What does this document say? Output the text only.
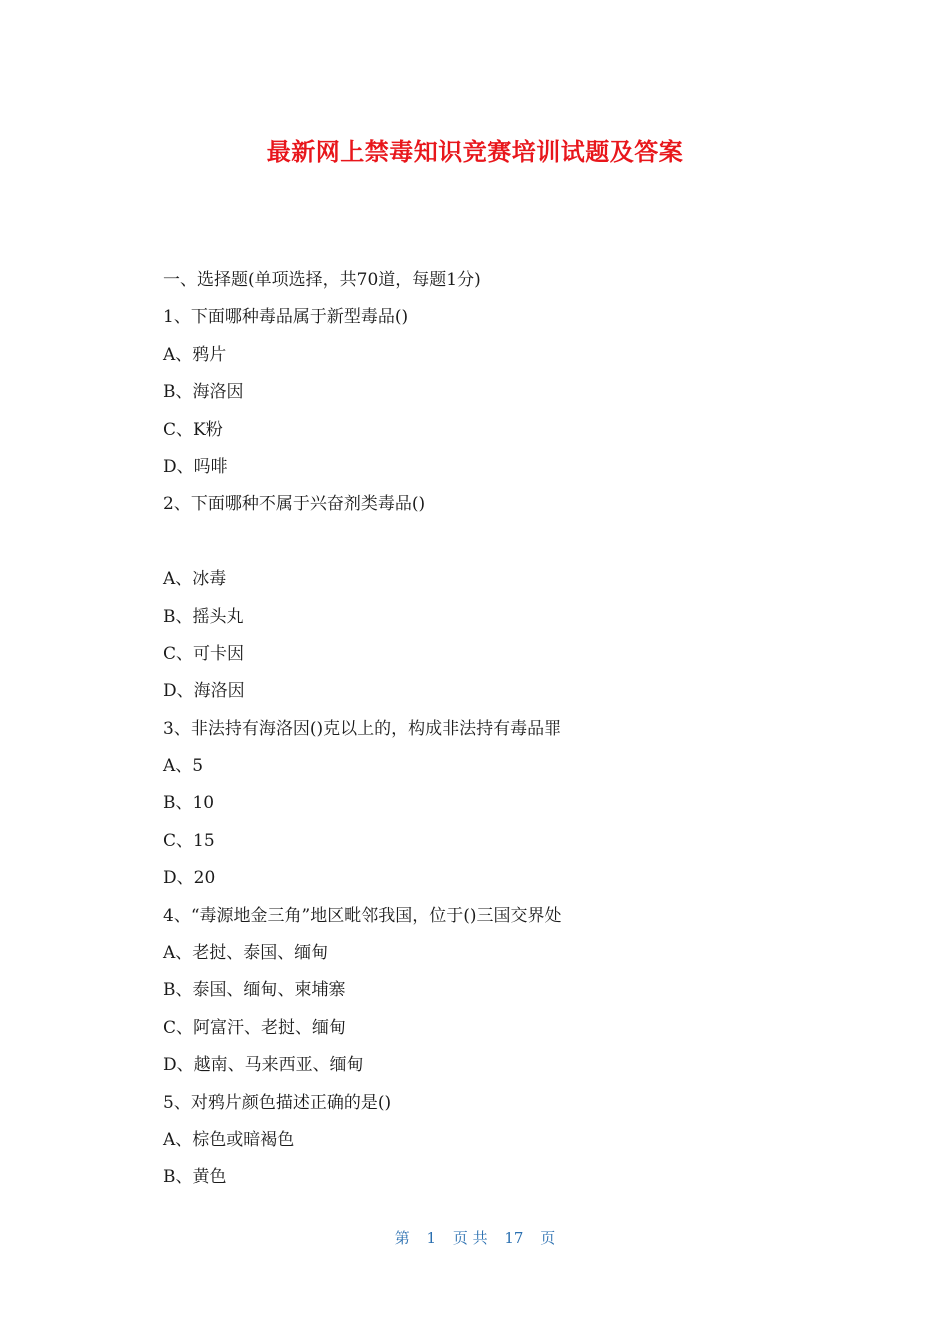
最新网上禁毒知识竞赛培训试题及答案
一、选择题(单项选择，共70道，每题1分)
1、下面哪种毒品属于新型毒品()
A、鸦片
B、海洛因
C、K粉
D、吗啡
2、下面哪种不属于兴奋剂类毒品()
A、冰毒
B、摇头丸
C、可卡因
D、海洛因
3、非法持有海洛因()克以上的，构成非法持有毒品罪
A、5
B、10
C、15
D、20
4、“毒源地金三角”地区毗邻我国，位于()三国交界处
A、老挝、泰国、缅甸
B、泰国、缅甸、柬埔寨
C、阿富汗、老挝、缅甸
D、越南、马来西亚、缅甸
5、对鸦片颜色描述正确的是()
A、棕色或暗褐色
B、黄色
第 1 页 共 17 页
